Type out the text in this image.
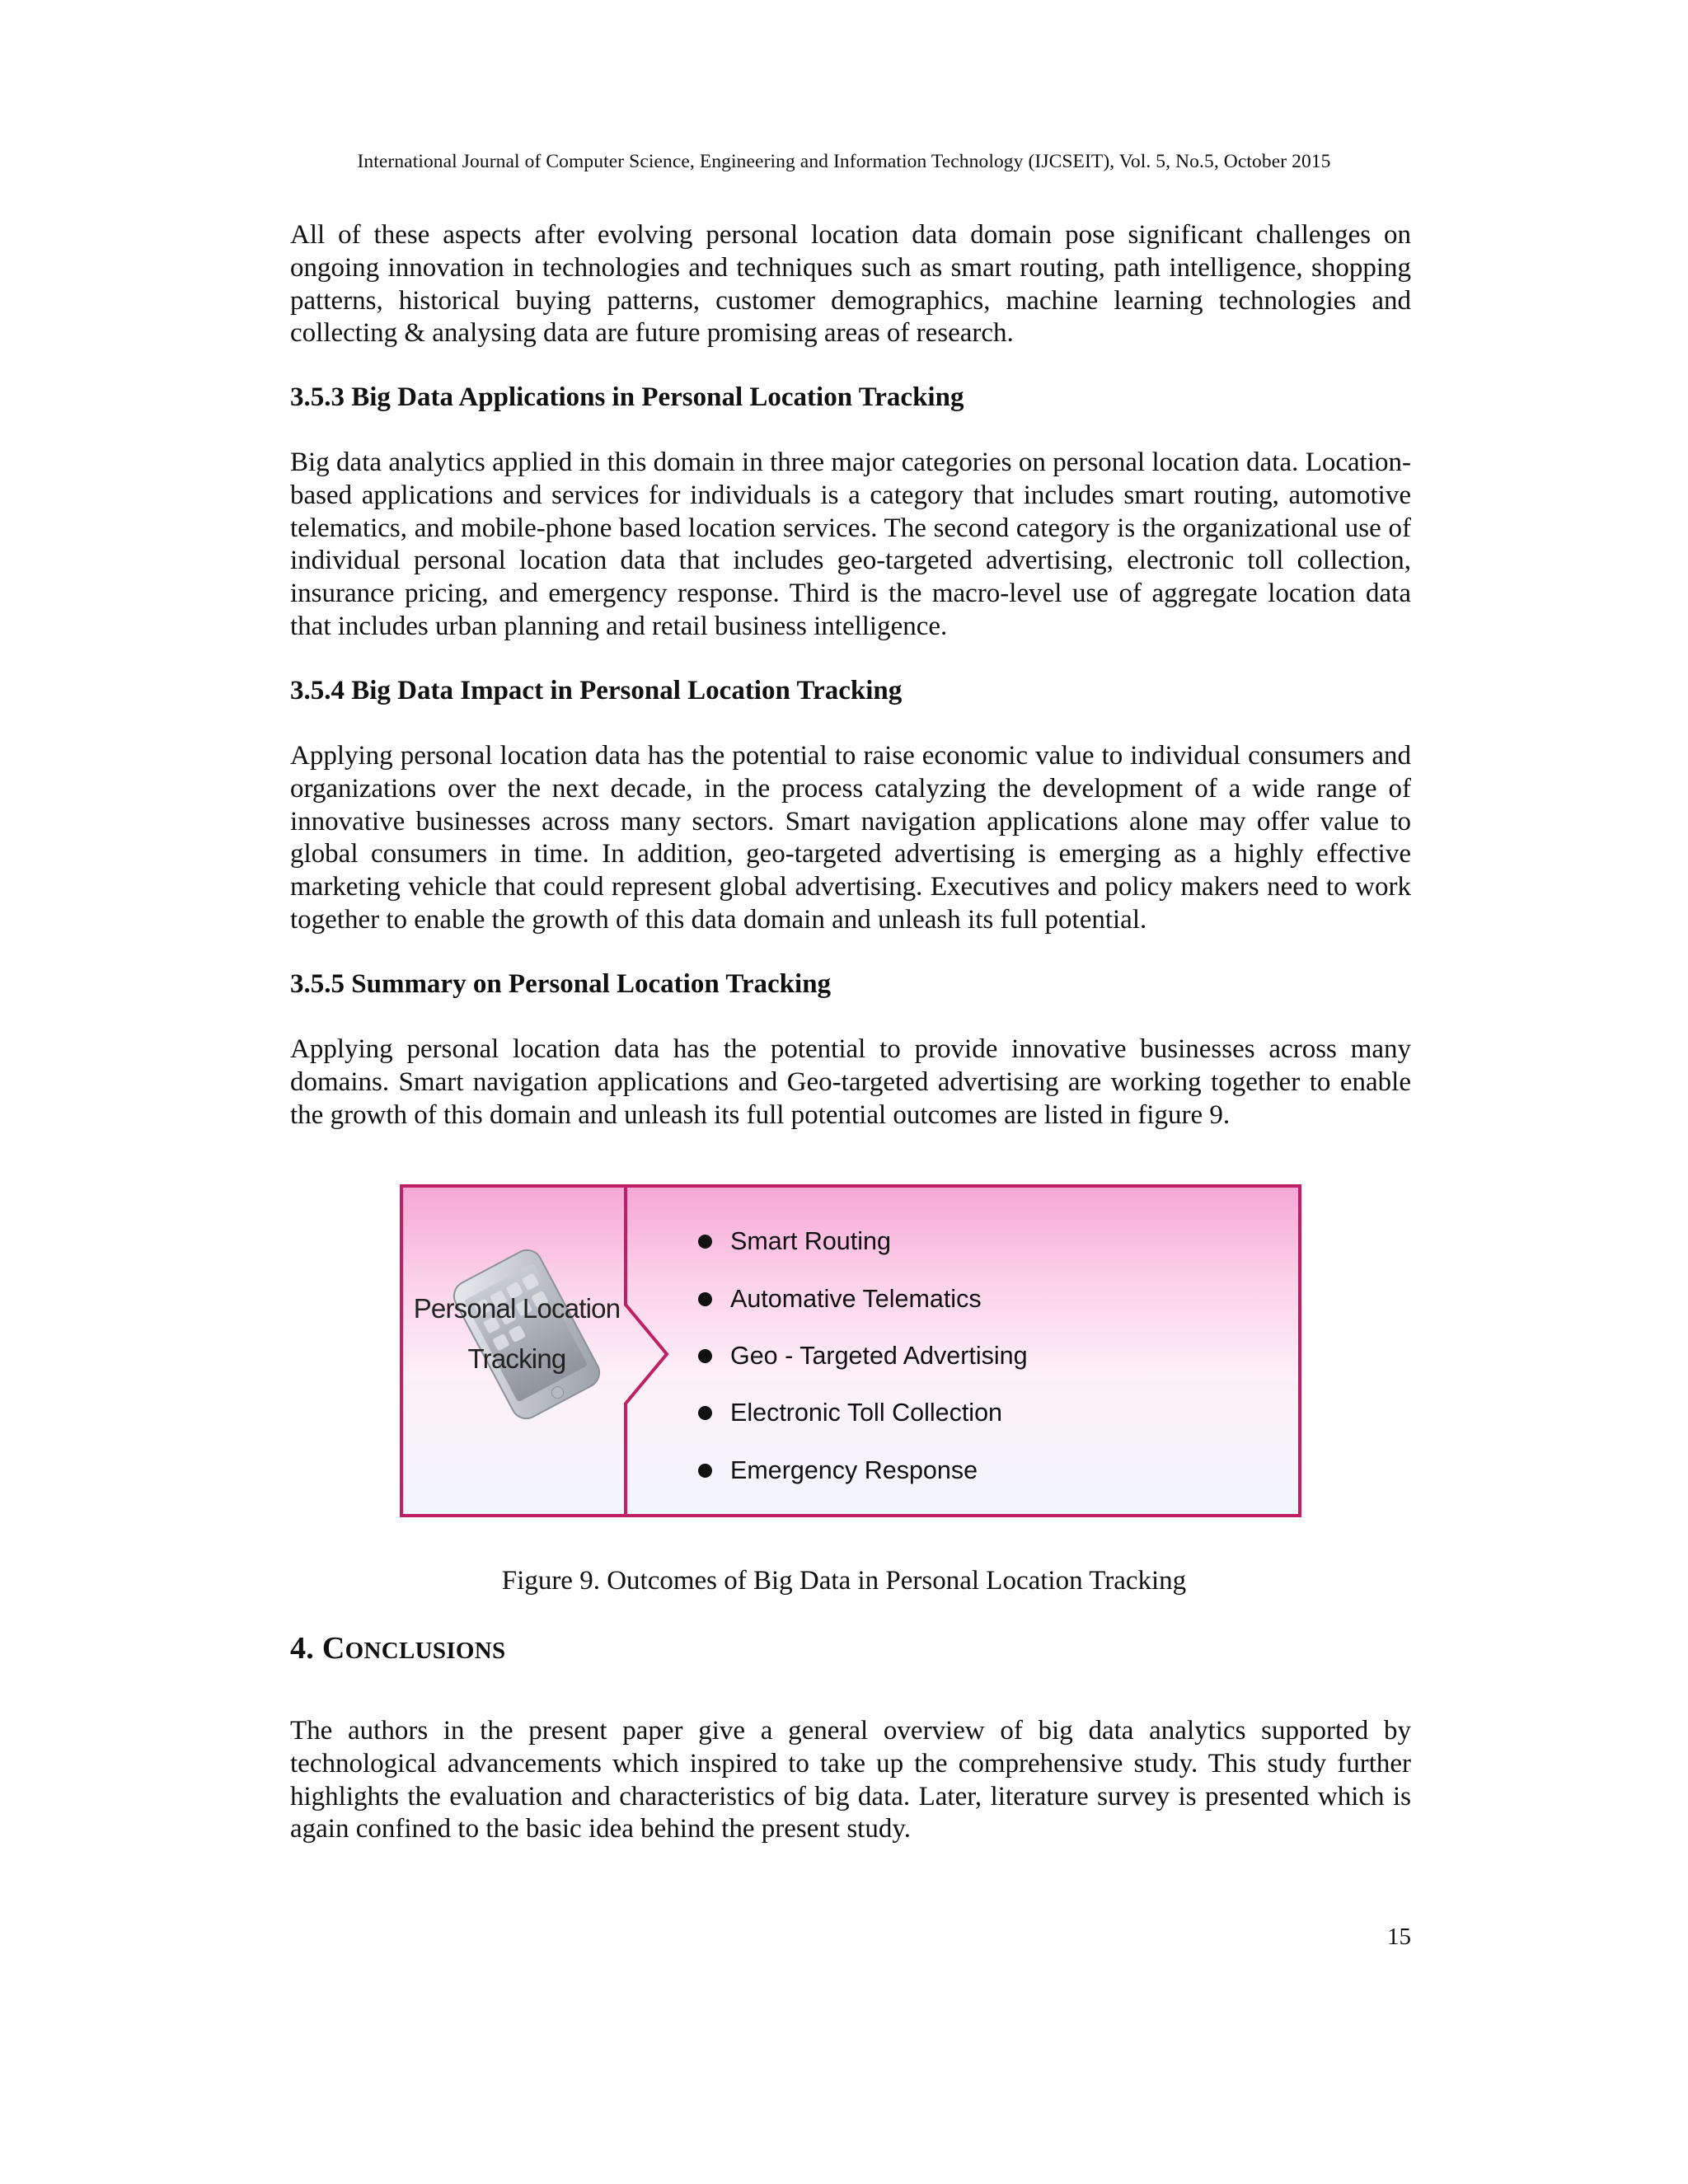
International Journal of Computer Science, Engineering and Information Technology (IJCSEIT), Vol. 5, No.5, October 2015

All of these aspects after evolving personal location data domain pose significant challenges on ongoing innovation in technologies and techniques such as smart routing, path intelligence, shopping patterns, historical buying patterns, customer demographics, machine learning technologies and collecting & analysing data are future promising areas of research.

3.5.3 Big Data Applications in Personal Location Tracking

Big data analytics applied in this domain in three major categories on personal location data. Location-based applications and services for individuals is a category that includes smart routing, automotive telematics, and mobile-phone based location services. The second category is the organizational use of individual personal location data that includes geo-targeted advertising, electronic toll collection, insurance pricing, and emergency response. Third is the macro-level use of aggregate location data that includes urban planning and retail business intelligence.

3.5.4 Big Data Impact in Personal Location Tracking

Applying personal location data has the potential to raise economic value to individual consumers and organizations over the next decade, in the process catalyzing the development of a wide range of innovative businesses across many sectors. Smart navigation applications alone may offer value to global consumers in time. In addition, geo-targeted advertising is emerging as a highly effective marketing vehicle that could represent global advertising. Executives and policy makers need to work together to enable the growth of this data domain and unleash its full potential.

3.5.5 Summary on Personal Location Tracking

Applying personal location data has the potential to provide innovative businesses across many domains. Smart navigation applications and Geo-targeted advertising are working together to enable the growth of this domain and unleash its full potential outcomes are listed in figure 9.

Personal Location
Tracking
Smart Routing
Automative Telematics
Geo - Targeted Advertising
Electronic Toll Collection
Emergency Response

Figure 9. Outcomes of Big Data in Personal Location Tracking

4. CONCLUSIONS

The authors in the present paper give a general overview of big data analytics supported by technological advancements which inspired to take up the comprehensive study. This study further highlights the evaluation and characteristics of big data. Later, literature survey is presented which is again confined to the basic idea behind the present study.

15
